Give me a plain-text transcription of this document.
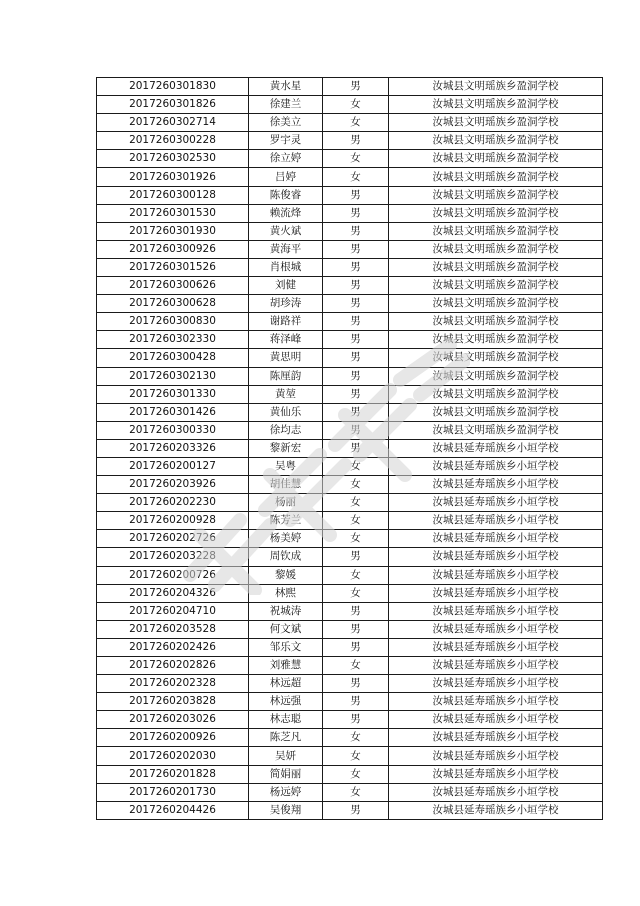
2017260301830	黄水星	男	汝城县文明瑶族乡盈洞学校
2017260301826	徐建兰	女	汝城县文明瑶族乡盈洞学校
2017260302714	徐美立	女	汝城县文明瑶族乡盈洞学校
2017260300228	罗宇灵	男	汝城县文明瑶族乡盈洞学校
2017260302530	徐立婷	女	汝城县文明瑶族乡盈洞学校
2017260301926	吕婷	女	汝城县文明瑶族乡盈洞学校
2017260300128	陈俊睿	男	汝城县文明瑶族乡盈洞学校
2017260301530	赖流烽	男	汝城县文明瑶族乡盈洞学校
2017260301930	黄火斌	男	汝城县文明瑶族乡盈洞学校
2017260300926	黄海平	男	汝城县文明瑶族乡盈洞学校
2017260301526	肖根城	男	汝城县文明瑶族乡盈洞学校
2017260300626	刘健	男	汝城县文明瑶族乡盈洞学校
2017260300628	胡珍涛	男	汝城县文明瑶族乡盈洞学校
2017260300830	谢路祥	男	汝城县文明瑶族乡盈洞学校
2017260302330	蒋泽峰	男	汝城县文明瑶族乡盈洞学校
2017260300428	黄思明	男	汝城县文明瑶族乡盈洞学校
2017260302130	陈厘韵	男	汝城县文明瑶族乡盈洞学校
2017260301330	黄堃	男	汝城县文明瑶族乡盈洞学校
2017260301426	黄仙乐	男	汝城县文明瑶族乡盈洞学校
2017260300330	徐均志	男	汝城县文明瑶族乡盈洞学校
2017260203326	黎新宏	男	汝城县延寿瑶族乡小垣学校
2017260200127	吴粤	女	汝城县延寿瑶族乡小垣学校
2017260203926	胡佳慧	女	汝城县延寿瑶族乡小垣学校
2017260202230	杨丽	女	汝城县延寿瑶族乡小垣学校
2017260200928	陈芳兰	女	汝城县延寿瑶族乡小垣学校
2017260202726	杨美婷	女	汝城县延寿瑶族乡小垣学校
2017260203228	周钦成	男	汝城县延寿瑶族乡小垣学校
2017260200726	黎媛	女	汝城县延寿瑶族乡小垣学校
2017260204326	林熙	女	汝城县延寿瑶族乡小垣学校
2017260204710	祝城涛	男	汝城县延寿瑶族乡小垣学校
2017260203528	何文斌	男	汝城县延寿瑶族乡小垣学校
2017260202426	邹乐文	男	汝城县延寿瑶族乡小垣学校
2017260202826	刘雅慧	女	汝城县延寿瑶族乡小垣学校
2017260202328	林远超	男	汝城县延寿瑶族乡小垣学校
2017260203828	林远强	男	汝城县延寿瑶族乡小垣学校
2017260203026	林志聪	男	汝城县延寿瑶族乡小垣学校
2017260200926	陈芝凡	女	汝城县延寿瑶族乡小垣学校
2017260202030	吴妍	女	汝城县延寿瑶族乡小垣学校
2017260201828	简娟丽	女	汝城县延寿瑶族乡小垣学校
2017260201730	杨远婷	女	汝城县延寿瑶族乡小垣学校
2017260204426	吴俊翔	男	汝城县延寿瑶族乡小垣学校
